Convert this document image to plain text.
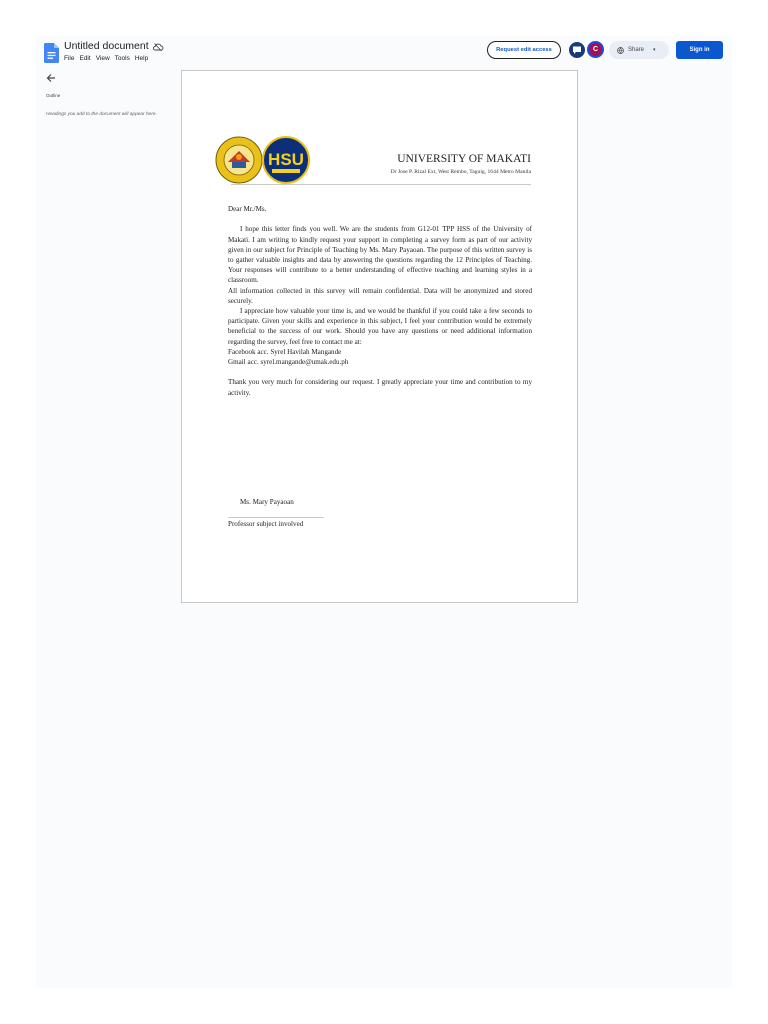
Untitled document
File Edit View Tools Help
Request edit access	C	Share ▾	Sign in
Outline
Headings you add to the document will appear here.
HSU	UNIVERSITY OF MAKATI
Dr Jose P. Rizal Ext, West Rembo, Taguig, 1644 Metro Manila

Dear Mr./Ms.

I hope this letter finds you well. We are the students from G12-01 TPP HSS of the University of Makati. I am writing to kindly request your support in completing a survey form as part of our activity given in our subject for Principle of Teaching by Ms. Mary Payaoan. The purpose of this written survey is to gather valuable insights and data by answering the questions regarding the 12 Principles of Teaching. Your responses will contribute to a better understanding of effective teaching and learning styles in a classroom.

All information collected in this survey will remain confidential. Data will be anonymized and stored securely.

I appreciate how valuable your time is, and we would be thankful if you could take a few seconds to participate. Given your skills and experience in this subject, I feel your contribution would be extremely beneficial to the success of our work. Should you have any questions or need additional information regarding the survey, feel free to contact me at:

Facebook acc. Syrel Havilah Mangande

Gmail acc. syrel.mangande@umak.edu.ph

Thank you very much for considering our request. I greatly appreciate your time and contribution to my activity.

Ms. Mary Payaoan
Professor subject involved
